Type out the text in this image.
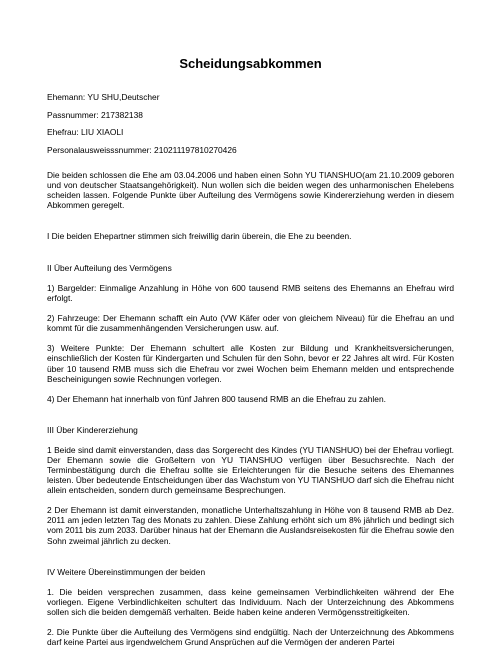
Scheidungsabkommen
Ehemann: YU SHU,Deutscher
Passnummer: 217382138
Ehefrau: LIU XIAOLI
Personalausweisssnummer: 210211197810270426

Die beiden schlossen die Ehe am 03.04.2006 und haben einen Sohn YU TIANSHUO(am 21.10.2009 geboren und von deutscher Staatsangehörigkeit). Nun wollen sich die beiden wegen des unharmonischen Ehelebens scheiden lassen. Folgende Punkte über Aufteilung des Vermögens sowie Kindererziehung werden in diesem Abkommen geregelt.

I Die beiden Ehepartner stimmen sich freiwillig darin überein, die Ehe zu beenden.

II Über Aufteilung des Vermögens

1) Bargelder: Einmalige Anzahlung in Höhe von 600 tausend RMB seitens des Ehemanns an Ehefrau wird erfolgt.

2) Fahrzeuge: Der Ehemann schafft ein Auto (VW Käfer oder von gleichem Niveau) für die Ehefrau an und kommt für die zusammenhängenden Versicherungen usw. auf.

3) Weitere Punkte: Der Ehemann schultert alle Kosten zur Bildung und Krankheitsversicherungen, einschließlich der Kosten für Kindergarten und Schulen für den Sohn, bevor er 22 Jahres alt wird. Für Kosten über 10 tausend RMB muss sich die Ehefrau vor zwei Wochen beim Ehemann melden und entsprechende Bescheinigungen sowie Rechnungen vorlegen.

4) Der Ehemann hat innerhalb von fünf Jahren 800 tausend RMB an die Ehefrau zu zahlen.

III Über Kindererziehung

1 Beide sind damit einverstanden, dass das Sorgerecht des Kindes (YU TIANSHUO) bei der Ehefrau vorliegt. Der Ehemann sowie die Großeltern von YU TIANSHUO verfügen über Besuchsrechte. Nach der Terminbestätigung durch die Ehefrau sollte sie Erleichterungen für die Besuche seitens des Ehemannes leisten. Über bedeutende Entscheidungen über das Wachstum von YU TIANSHUO darf sich die Ehefrau nicht allein entscheiden, sondern durch gemeinsame Besprechungen.

2 Der Ehemann ist damit einverstanden, monatliche Unterhaltszahlung in Höhe von 8 tausend RMB ab Dez. 2011 am jeden letzten Tag des Monats zu zahlen. Diese Zahlung erhöht sich um 8% jährlich und bedingt sich vom 2011 bis zum 2033. Darüber hinaus hat der Ehemann die Auslandsreisekosten für die Ehefrau sowie den Sohn zweimal jährlich zu decken.

IV Weitere Übereinstimmungen der beiden

1. Die beiden versprechen zusammen, dass keine gemeinsamen Verbindlichkeiten während der Ehe vorliegen. Eigene Verbindlichkeiten schultert das Individuum. Nach der Unterzeichnung des Abkommens sollen sich die beiden demgemäß verhalten. Beide haben keine anderen Vermögensstreitigkeiten.

2. Die Punkte über die Aufteilung des Vermögens sind endgültig. Nach der Unterzeichnung des Abkommens darf keine Partei aus irgendwelchem Grund Ansprüchen auf die Vermögen der anderen Partei
